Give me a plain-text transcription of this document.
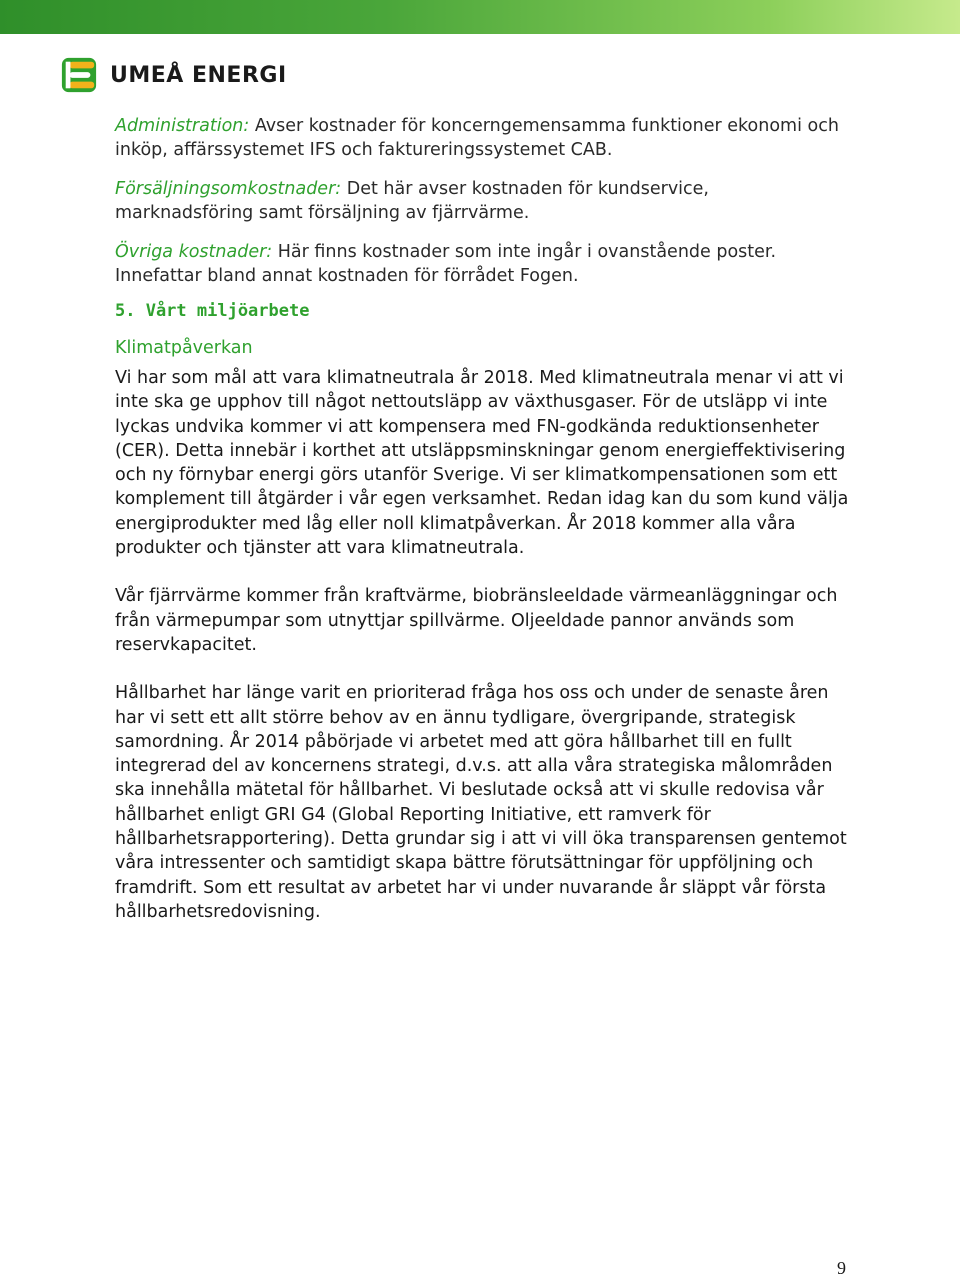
UMEÅ ENERGI

Administration: Avser kostnader för koncerngemensamma funktioner ekonomi och inköp, affärssystemet IFS och faktureringssystemet CAB.

Försäljningsomkostnader: Det här avser kostnaden för kundservice, marknadsföring samt försäljning av fjärrvärme.

Övriga kostnader: Här finns kostnader som inte ingår i ovanstående poster. Innefattar bland annat kostnaden för förrådet Fogen.

5. Vårt miljöarbete
Klimatpåverkan

Vi har som mål att vara klimatneutrala år 2018. Med klimatneutrala menar vi att vi inte ska ge upphov till något nettoutsläpp av växthusgaser. För de utsläpp vi inte lyckas undvika kommer vi att kompensera med FN-godkända reduktionsenheter (CER). Detta innebär i korthet att utsläppsminskningar genom energieffektivisering och ny förnybar energi görs utanför Sverige. Vi ser klimatkompensationen som ett komplement till åtgärder i vår egen verksamhet. Redan idag kan du som kund välja energiprodukter med låg eller noll klimatpåverkan. År 2018 kommer alla våra produkter och tjänster att vara klimatneutrala.

Vår fjärrvärme kommer från kraftvärme, biobränsleeldade värmeanläggningar och från värmepumpar som utnyttjar spillvärme. Oljeeldade pannor används som reservkapacitet.

Hållbarhet har länge varit en prioriterad fråga hos oss och under de senaste åren har vi sett ett allt större behov av en ännu tydligare, övergripande, strategisk samordning. År 2014 påbörjade vi arbetet med att göra hållbarhet till en fullt integrerad del av koncernens strategi, d.v.s. att alla våra strategiska målområden ska innehålla mätetal för hållbarhet. Vi beslutade också att vi skulle redovisa vår hållbarhet enligt GRI G4 (Global Reporting Initiative, ett ramverk för hållbarhetsrapportering). Detta grundar sig i att vi vill öka transparensen gentemot våra intressenter och samtidigt skapa bättre förutsättningar för uppföljning och framdrift. Som ett resultat av arbetet har vi under nuvarande år släppt vår första hållbarhetsredovisning.

9
